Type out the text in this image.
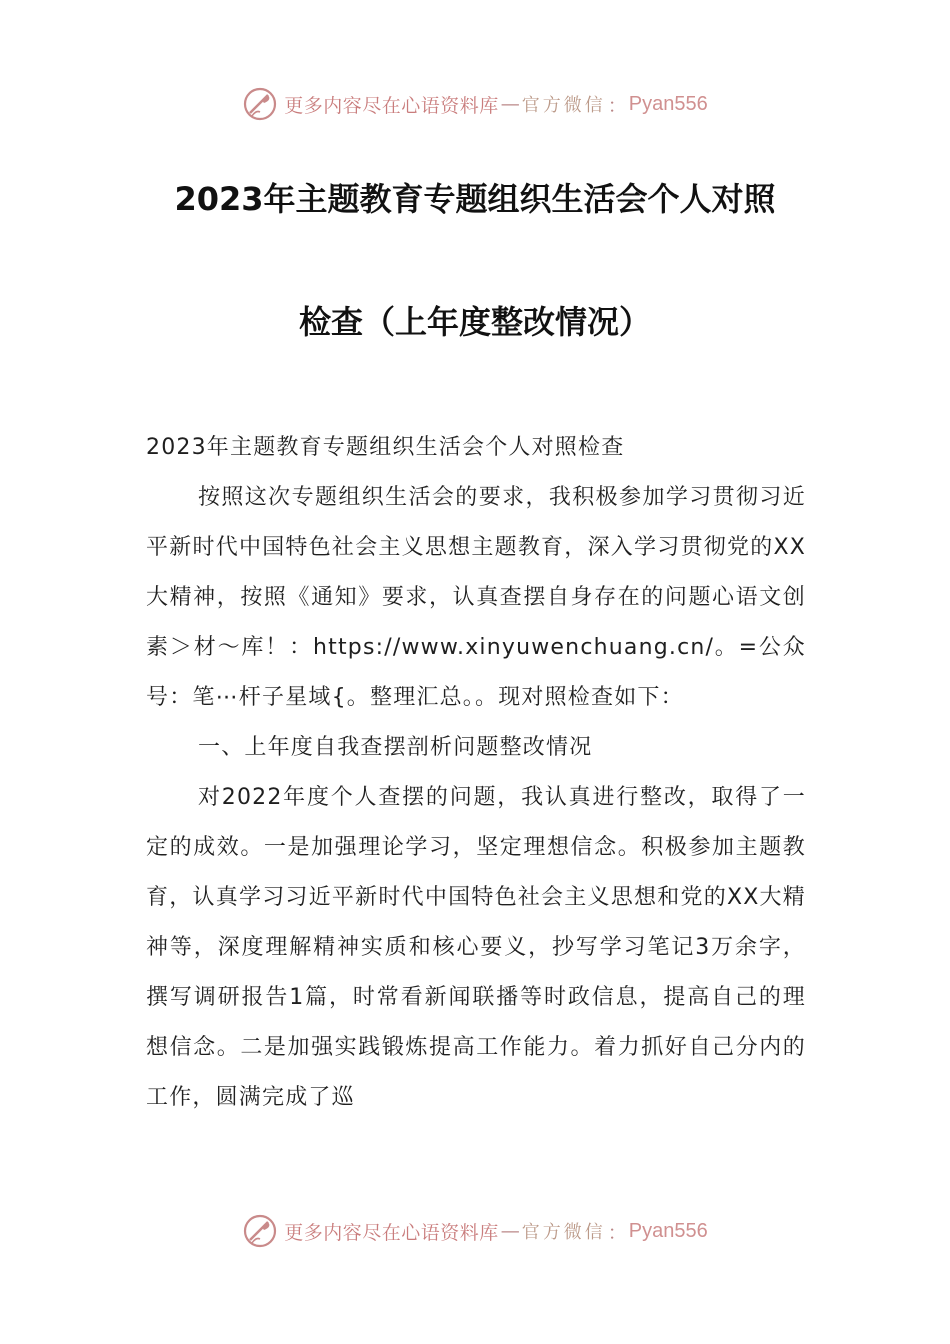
更多内容尽在心语资料库 — 官方微信 ： Pyan556
2023年主题教育专题组织生活会个人对照
检查（上年度整改情况）

2023年主题教育专题组织生活会个人对照检查

按照这次专题组织生活会的要求，我积极参加学习贯彻习近平新时代中国特色社会主义思想主题教育，深入学习贯彻党的XX大精神，按照《通知》要求，认真查摆自身存在的问题心语文创素＞材～库！：https://www.xinyuwenchuang.cn/。=公众号：笔⋯杆子星域{。整理汇总。。现对照检查如下：

一、上年度自我查摆剖析问题整改情况

对2022年度个人查摆的问题，我认真进行整改，取得了一定的成效。一是加强理论学习，坚定理想信念。积极参加主题教育，认真学习习近平新时代中国特色社会主义思想和党的XX大精神等，深度理解精神实质和核心要义，抄写学习笔记3万余字，撰写调研报告1篇，时常看新闻联播等时政信息，提高自己的理想信念。二是加强实践锻炼提高工作能力。着力抓好自己分内的工作，圆满完成了巡

更多内容尽在心语资料库 — 官方微信 ： Pyan556
